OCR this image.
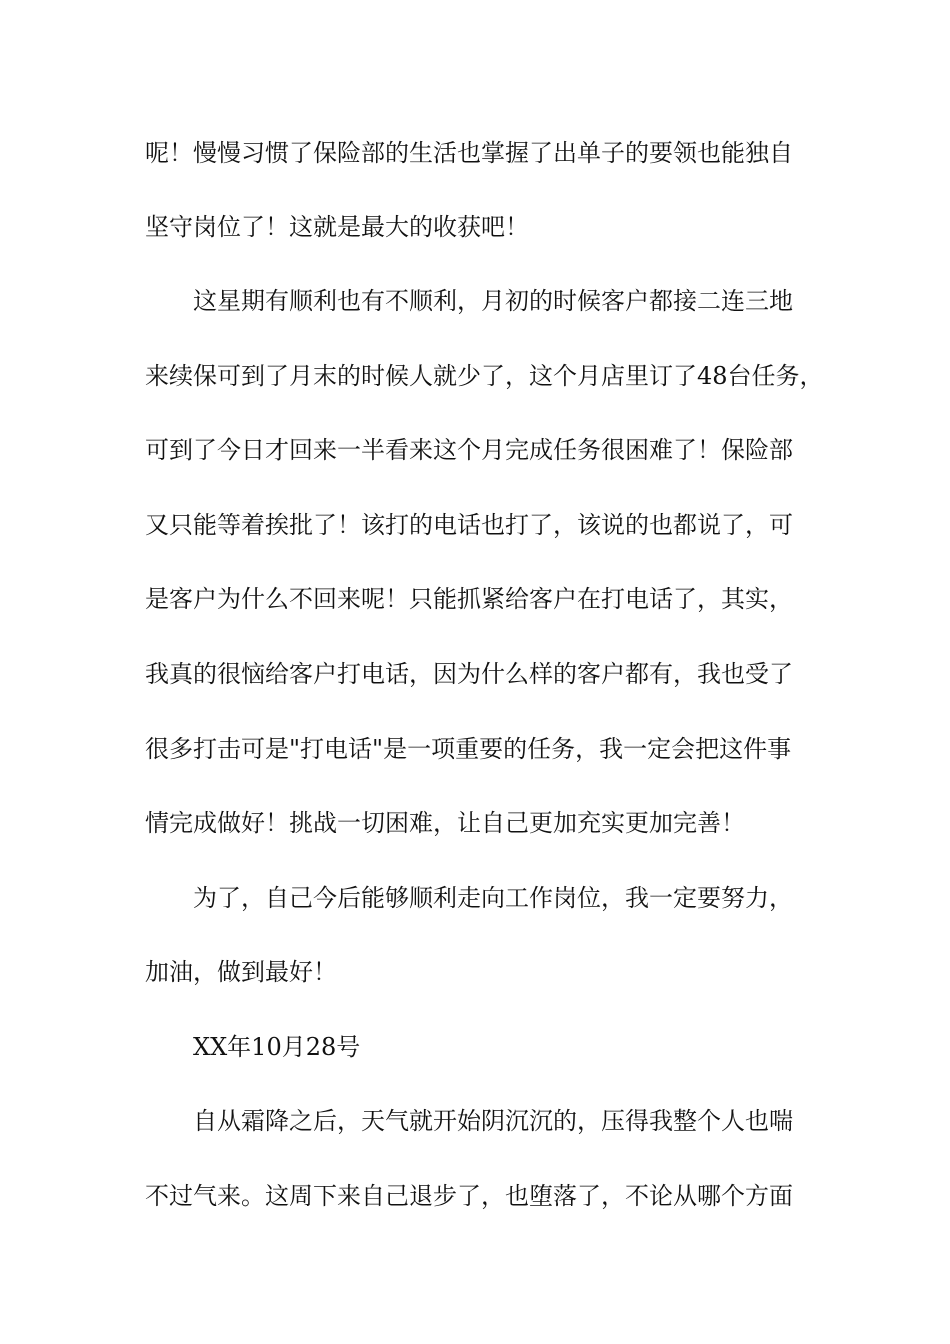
呢！慢慢习惯了保险部的生活也掌握了出单子的要领也能独自
坚守岗位了！这就是最大的收获吧！
这星期有顺利也有不顺利，月初的时候客户都接二连三地
来续保可到了月末的时候人就少了，这个月店里订了48台任务，
可到了今日才回来一半看来这个月完成任务很困难了！保险部
又只能等着挨批了！该打的电话也打了，该说的也都说了，可
是客户为什么不回来呢！只能抓紧给客户在打电话了，其实，
我真的很恼给客户打电话，因为什么样的客户都有，我也受了
很多打击可是"打电话"是一项重要的任务，我一定会把这件事
情完成做好！挑战一切困难，让自己更加充实更加完善！
为了，自己今后能够顺利走向工作岗位，我一定要努力，
加油，做到最好！
XX年10月28号
自从霜降之后，天气就开始阴沉沉的，压得我整个人也喘
不过气来。这周下来自己退步了，也堕落了，不论从哪个方面
